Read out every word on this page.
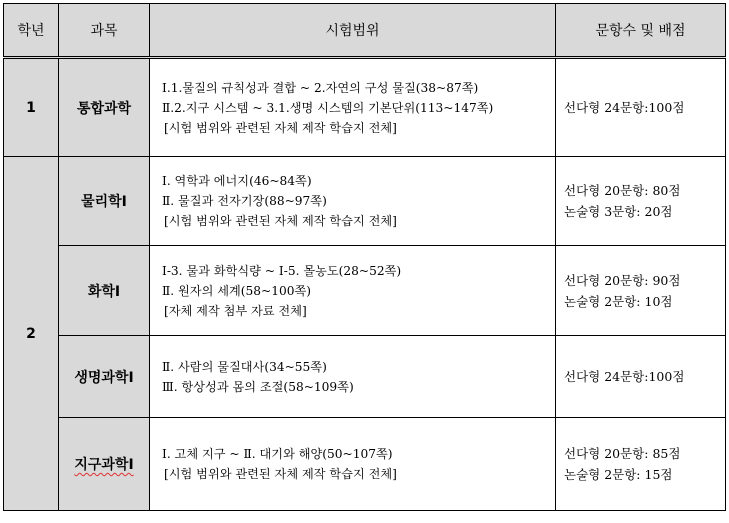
학년	과목	시험범위	문항수 및 배점
1	통합과학	Ⅰ.1.물질의 규칙성과 결합 ~ 2.자연의 구성 물질(38~87쪽)
Ⅱ.2.지구 시스템 ~ 3.1.생명 시스템의 기본단위(113~147쪽)
[시험 범위와 관련된 자체 제작 학습지 전체]	선다형 24문항:100점

2	물리학Ⅰ	Ⅰ. 역학과 에너지(46~84쪽)
Ⅱ. 물질과 전자기장(88~97쪽)
[시험 범위와 관련된 자체 제작 학습지 전체]	선다형 20문항: 80점
논술형 3문항: 20점

	화학Ⅰ	Ⅰ-3. 물과 화학식량 ~ Ⅰ-5. 몰농도(28~52쪽)
Ⅱ. 원자의 세계(58~100쪽)
[자체 제작 첨부 자료 전체]	선다형 20문항: 90점
논술형 2문항: 10점

	생명과학Ⅰ	Ⅱ. 사람의 물질대사(34~55쪽)
Ⅲ. 항상성과 몸의 조절(58~109쪽)	선다형 24문항:100점

	지구과학Ⅰ	Ⅰ. 고체 지구 ~ Ⅱ. 대기와 해양(50~107쪽)
[시험 범위와 관련된 자체 제작 학습지 전체]	선다형 20문항: 85점
논술형 2문항: 15점
